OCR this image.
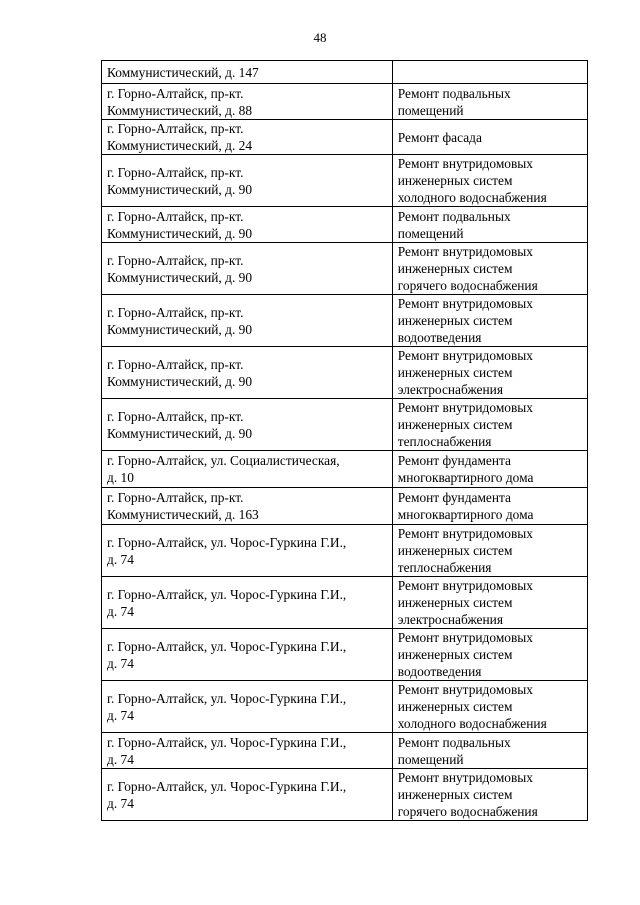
48
Коммунистический, д. 147	
г. Горно-Алтайск, пр-кт.
Коммунистический, д. 88	Ремонт подвальных
помещений
г. Горно-Алтайск, пр-кт.
Коммунистический, д. 24	Ремонт фасада
г. Горно-Алтайск, пр-кт.
Коммунистический, д. 90	Ремонт внутридомовых
инженерных систем
холодного водоснабжения
г. Горно-Алтайск, пр-кт.
Коммунистический, д. 90	Ремонт подвальных
помещений
г. Горно-Алтайск, пр-кт.
Коммунистический, д. 90	Ремонт внутридомовых
инженерных систем
горячего водоснабжения
г. Горно-Алтайск, пр-кт.
Коммунистический, д. 90	Ремонт внутридомовых
инженерных систем
водоотведения
г. Горно-Алтайск, пр-кт.
Коммунистический, д. 90	Ремонт внутридомовых
инженерных систем
электроснабжения
г. Горно-Алтайск, пр-кт.
Коммунистический, д. 90	Ремонт внутридомовых
инженерных систем
теплоснабжения
г. Горно-Алтайск, ул. Социалистическая,
д. 10	Ремонт фундамента
многоквартирного дома
г. Горно-Алтайск, пр-кт.
Коммунистический, д. 163	Ремонт фундамента
многоквартирного дома
г. Горно-Алтайск, ул. Чорос-Гуркина Г.И.,
д. 74	Ремонт внутридомовых
инженерных систем
теплоснабжения
г. Горно-Алтайск, ул. Чорос-Гуркина Г.И.,
д. 74	Ремонт внутридомовых
инженерных систем
электроснабжения
г. Горно-Алтайск, ул. Чорос-Гуркина Г.И.,
д. 74	Ремонт внутридомовых
инженерных систем
водоотведения
г. Горно-Алтайск, ул. Чорос-Гуркина Г.И.,
д. 74	Ремонт внутридомовых
инженерных систем
холодного водоснабжения
г. Горно-Алтайск, ул. Чорос-Гуркина Г.И.,
д. 74	Ремонт подвальных
помещений
г. Горно-Алтайск, ул. Чорос-Гуркина Г.И.,
д. 74	Ремонт внутридомовых
инженерных систем
горячего водоснабжения
